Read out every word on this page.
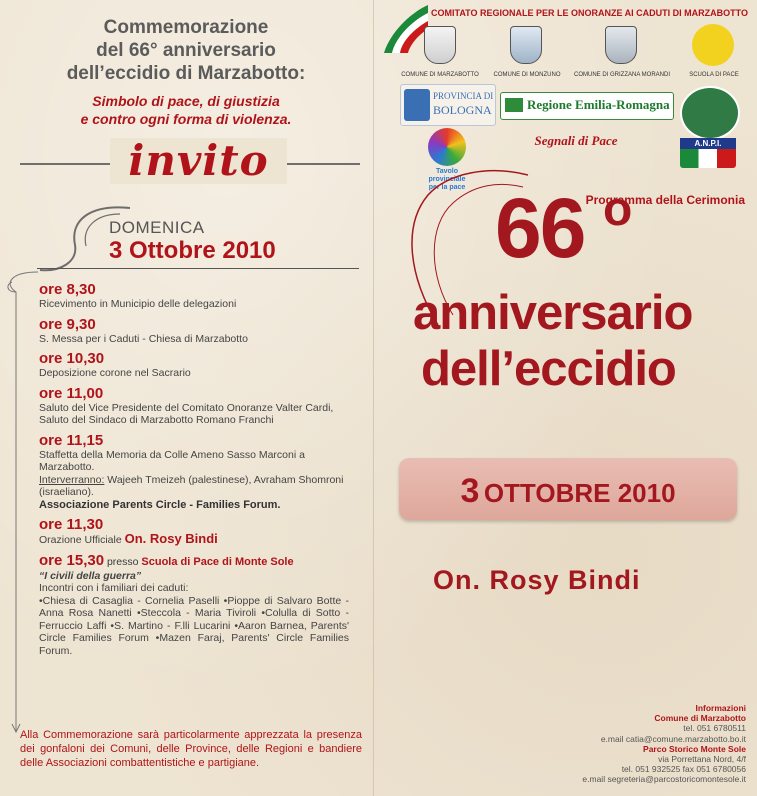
Commemorazione
del 66° anniversario
dell’eccidio di Marzabotto:
Simbolo di pace, di giustizia
e contro ogni forma di violenza.
invito
Programma della Cerimonia
DOMENICA
3 Ottobre 2010
ore 8,30
Ricevimento in Municipio delle delegazioni
ore 9,30
S. Messa per i Caduti - Chiesa di Marzabotto
ore 10,30
Deposizione corone nel Sacrario
ore 11,00
Saluto del Vice Presidente del Comitato Onoranze Valter Cardi, Saluto del Sindaco di Marzabotto Romano Franchi
ore 11,15
Staffetta della Memoria da Colle Ameno Sasso Marconi a Marzabotto.
Interverranno: Wajeeh Tmeizeh (palestinese), Avraham Shomroni (israeliano).
Associazione Parents Circle - Families Forum.
ore 11,30
Orazione Ufficiale On. Rosy Bindi
ore 15,30 presso Scuola di Pace di Monte Sole
“I civili della guerra”
Incontri con i familiari dei caduti:
•Chiesa di Casaglia - Cornelia Paselli •Pioppe di Salvaro Botte - Anna Rosa Nanetti •Steccola - Maria Tiviroli •Colulla di Sotto - Ferruccio Laffi •S. Martino - F.lli Lucarini •Aaron Barnea, Parents' Circle Families Forum •Mazen Faraj, Parents' Circle Families Forum.
Alla Commemorazione sarà particolarmente apprezzata la presenza dei gonfaloni dei Comuni, delle Province, delle Regioni e bandiere delle Associazioni combattentistiche e partigiane.
COMITATO REGIONALE PER LE ONORANZE AI CADUTI DI MARZABOTTO
COMUNE DI MARZABOTTO	COMUNE DI MONZUNO	COMUNE DI GRIZZANA MORANDI	SCUOLA DI PACE
PROVINCIA DI
BOLOGNA	Regione Emilia-Romagna
Segnali di Pace
Tavolo
provinciale
per la pace
A.N.P.I.
66 o
anniversario
dell’eccidio
3 OTTOBRE 2010
On. Rosy Bindi
Informazioni
Comune di Marzabotto
tel. 051 6780511
e.mail catia@comune.marzabotto.bo.it
Parco Storico Monte Sole
via Porrettana Nord, 4/f
tel. 051 932525 fax 051 6780056
e.mail segreteria@parcostoricomontesole.it
